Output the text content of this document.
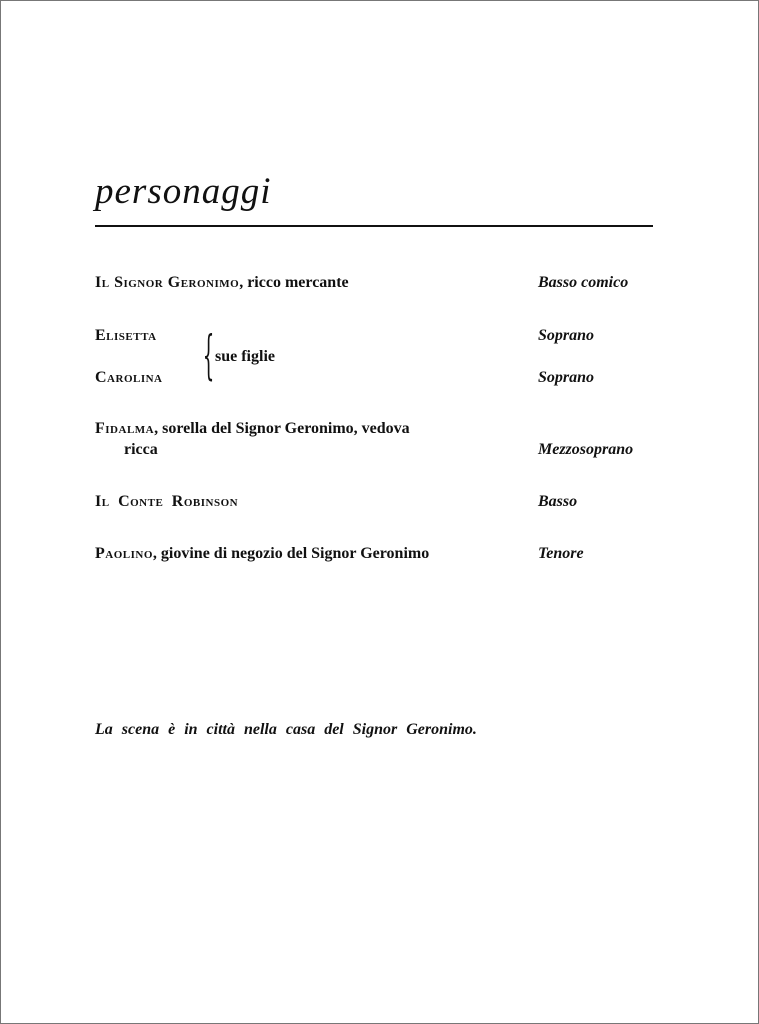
personaggi
Il Signor Geronimo, ricco mercante	Basso comico
Elisetta	Soprano
{ sue figlie
Carolina	Soprano
Fidalma, sorella del Signor Geronimo, vedova
ricca	Mezzosoprano
Il Conte Robinson	Basso
Paolino, giovine di negozio del Signor Geronimo	Tenore
La scena è in città nella casa del Signor Geronimo.
